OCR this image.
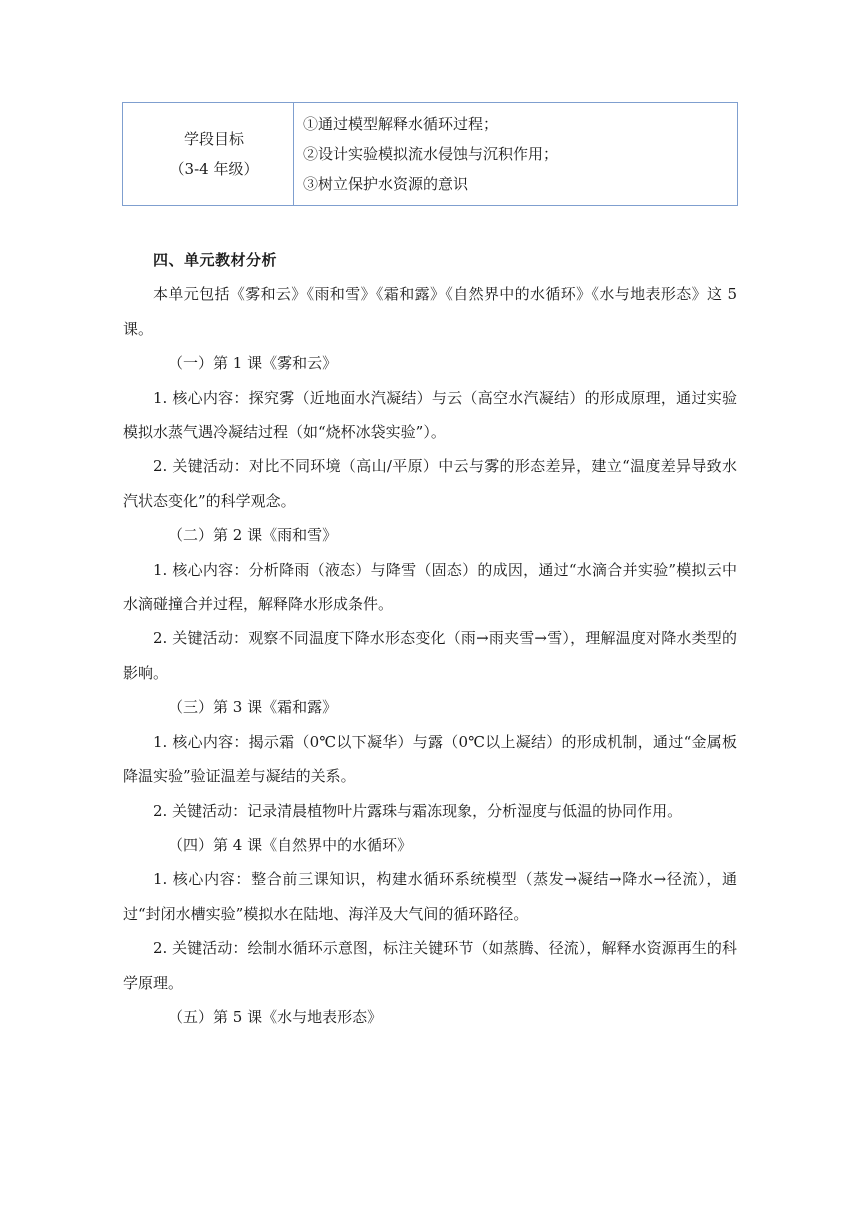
学段目标
（3-4 年级）
①通过模型解释水循环过程；
②设计实验模拟流水侵蚀与沉积作用；
③树立保护水资源的意识

四、单元教材分析

本单元包括《雾和云》《雨和雪》《霜和露》《自然界中的水循环》《水与地表形态》这 5 课。

（一）第 1 课《雾和云》

1. 核心内容：探究雾（近地面水汽凝结）与云（高空水汽凝结）的形成原理，通过实验模拟水蒸气遇冷凝结过程（如“烧杯冰袋实验”）。

2. 关键活动：对比不同环境（高山/平原）中云与雾的形态差异，建立“温度差异导致水汽状态变化”的科学观念。

（二）第 2 课《雨和雪》

1. 核心内容：分析降雨（液态）与降雪（固态）的成因，通过“水滴合并实验”模拟云中水滴碰撞合并过程，解释降水形成条件。

2. 关键活动：观察不同温度下降水形态变化（雨→雨夹雪→雪），理解温度对降水类型的影响。

（三）第 3 课《霜和露》

1. 核心内容：揭示霜（0℃以下凝华）与露（0℃以上凝结）的形成机制，通过“金属板降温实验”验证温差与凝结的关系。

2. 关键活动：记录清晨植物叶片露珠与霜冻现象，分析湿度与低温的协同作用。

（四）第 4 课《自然界中的水循环》

1. 核心内容：整合前三课知识，构建水循环系统模型（蒸发→凝结→降水→径流），通过“封闭水槽实验”模拟水在陆地、海洋及大气间的循环路径。

2. 关键活动：绘制水循环示意图，标注关键环节（如蒸腾、径流），解释水资源再生的科学原理。

（五）第 5 课《水与地表形态》
